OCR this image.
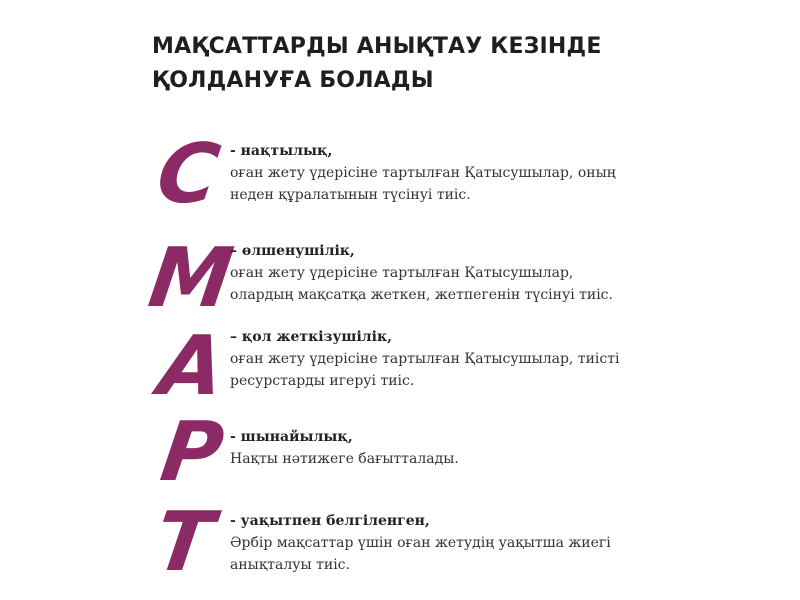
МАҚСАТТАРДЫ АНЫҚТАУ КЕЗІНДЕ
ҚОЛДАНУҒА БОЛАДЫ
С
М
А
Р
Т
- нақтылық,
оған жету үдерісіне тартылған Қатысушылар, оның
неден құралатынын түсінуі тиіс.
– өлшенушілік,
оған жету үдерісіне тартылған Қатысушылар,
олардың мақсатқа жеткен, жетпегенін түсінуі тиіс.
– қол жеткізушілік,
оған жету үдерісіне тартылған Қатысушылар, тиісті
ресурстарды игеруі тиіс.
- шынайылық,
Нақты нәтижеге бағытталады.
- уақытпен белгіленген,
Әрбір мақсаттар үшін оған жетудің уақытша жиегі
анықталуы тиіс.
